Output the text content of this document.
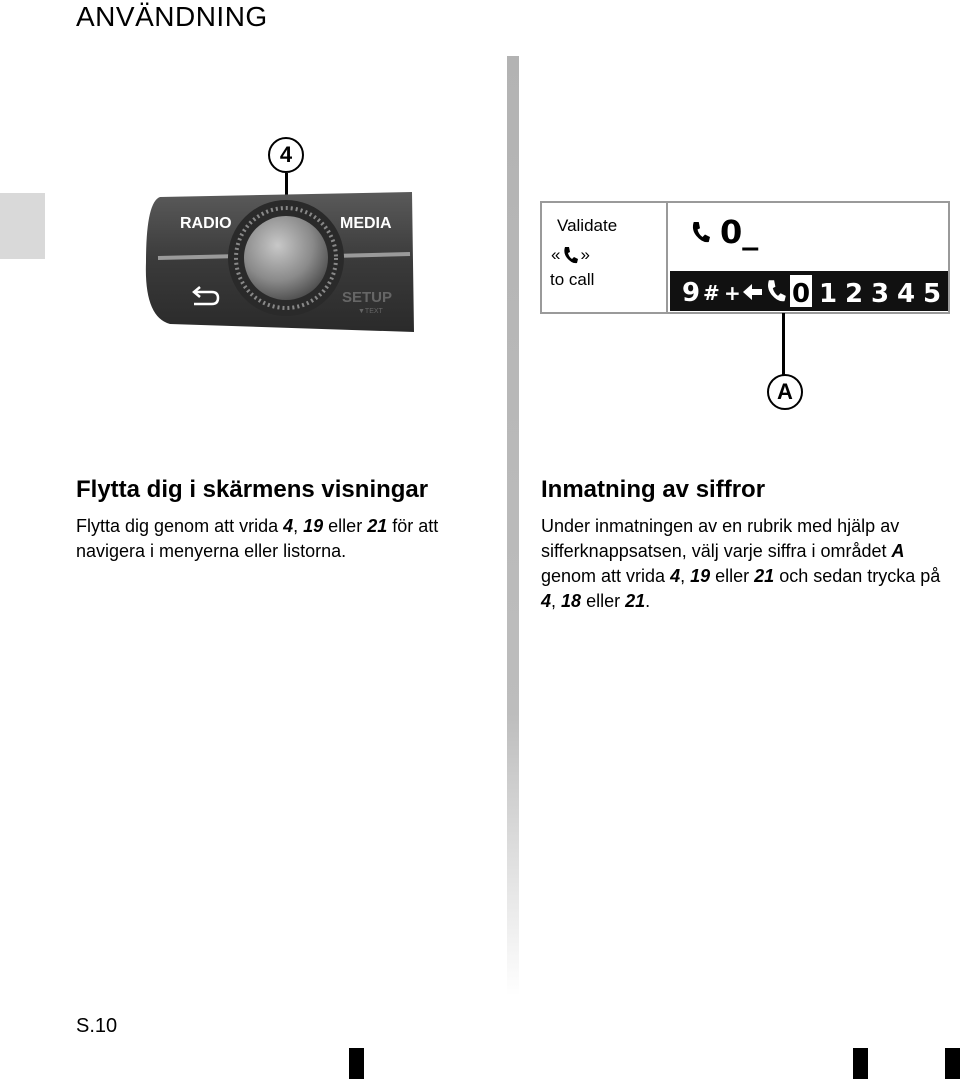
ANVÄNDNING
4
RADIO	MEDIA
SETUP
▼TEXT
Validate
« »
to call
0_
9 # + 0 1 2 3 4 5
A

Flytta dig i skärmens visningar

Flytta dig genom att vrida 4, 19 eller 21 för att navigera i menyerna eller listorna.

Inmatning av siffror

Under inmatningen av en rubrik med hjälp av sifferknappsatsen, välj varje siffra i området A genom att vrida 4, 19 eller 21 och sedan trycka på 4, 18 eller 21.

S.10
